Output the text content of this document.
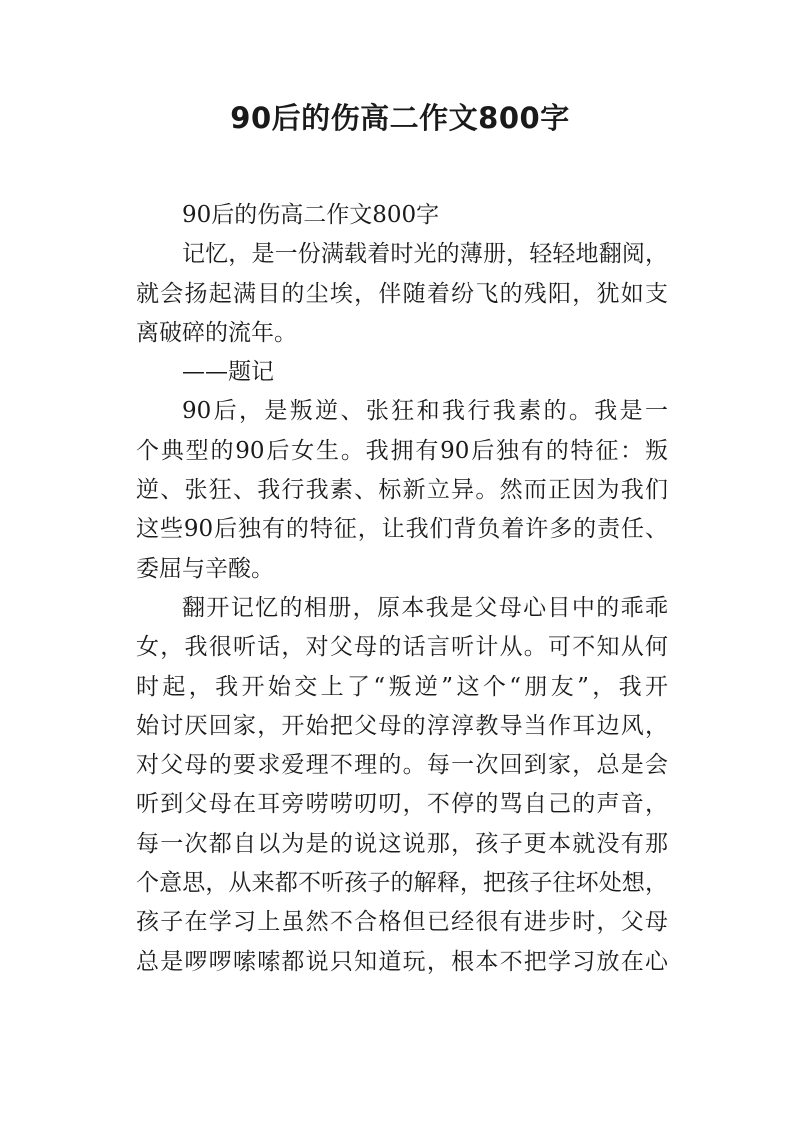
90后的伤高二作文800字
90后的伤高二作文800字
记忆，是一份满载着时光的薄册，轻轻地翻阅，
就会扬起满目的尘埃，伴随着纷飞的残阳，犹如支
离破碎的流年。
——题记
90后，是叛逆、张狂和我行我素的。我是一
个典型的90后女生。我拥有90后独有的特征：叛
逆、张狂、我行我素、标新立异。然而正因为我们
这些90后独有的特征，让我们背负着许多的责任、
委屈与辛酸。
翻开记忆的相册，原本我是父母心目中的乖乖
女，我很听话，对父母的话言听计从。可不知从何
时起，我开始交上了“叛逆”这个“朋友”，我开
始讨厌回家，开始把父母的淳淳教导当作耳边风，
对父母的要求爱理不理的。每一次回到家，总是会
听到父母在耳旁唠唠叨叨，不停的骂自己的声音，
每一次都自以为是的说这说那，孩子更本就没有那
个意思，从来都不听孩子的解释，把孩子往坏处想，
孩子在学习上虽然不合格但已经很有进步时，父母
总是啰啰嗦嗦都说只知道玩，根本不把学习放在心
